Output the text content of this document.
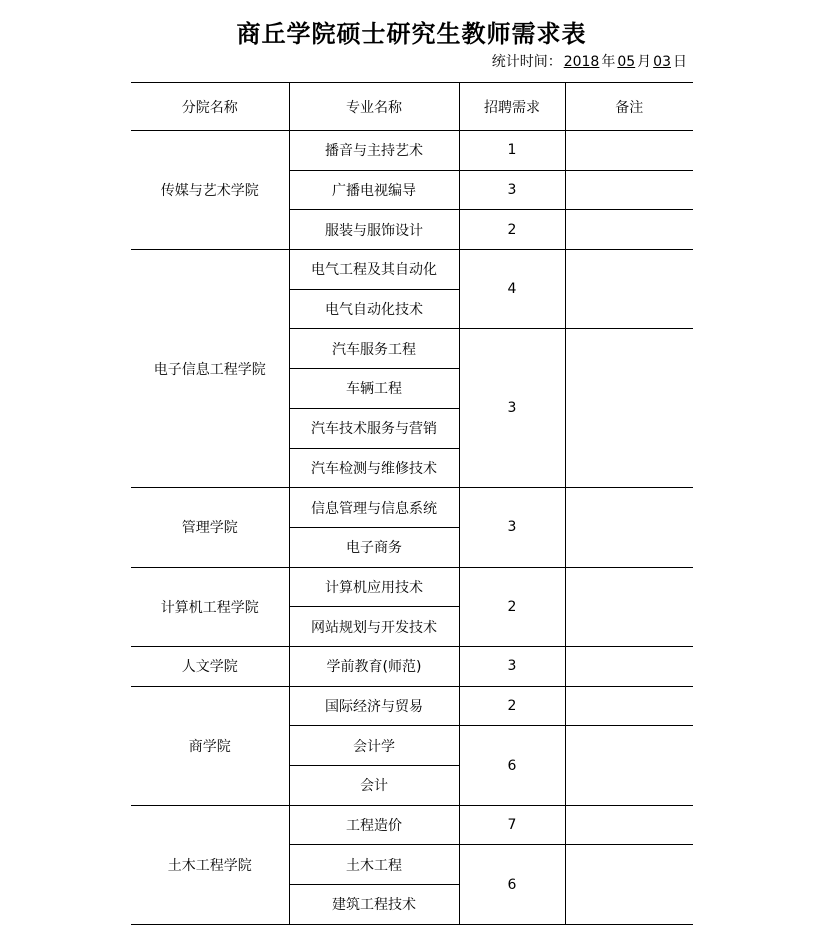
商丘学院硕士研究生教师需求表
统计时间： 2018 年 05 月 03 日
分院名称	专业名称	招聘需求	备注
传媒与艺术学院	播音与主持艺术	1	
	广播电视编导	3	
	服装与服饰设计	2	
电子信息工程学院	电气工程及其自动化	4	
	电气自动化技术		
	汽车服务工程	3	
	车辆工程		
	汽车技术服务与营销		
	汽车检测与维修技术		
管理学院	信息管理与信息系统	3	
	电子商务		
计算机工程学院	计算机应用技术	2	
	网站规划与开发技术		
人文学院	学前教育(师范)	3	
商学院	国际经济与贸易	2	
	会计学	6	
	会计		
土木工程学院	工程造价	7	
	土木工程	6	
	建筑工程技术		
